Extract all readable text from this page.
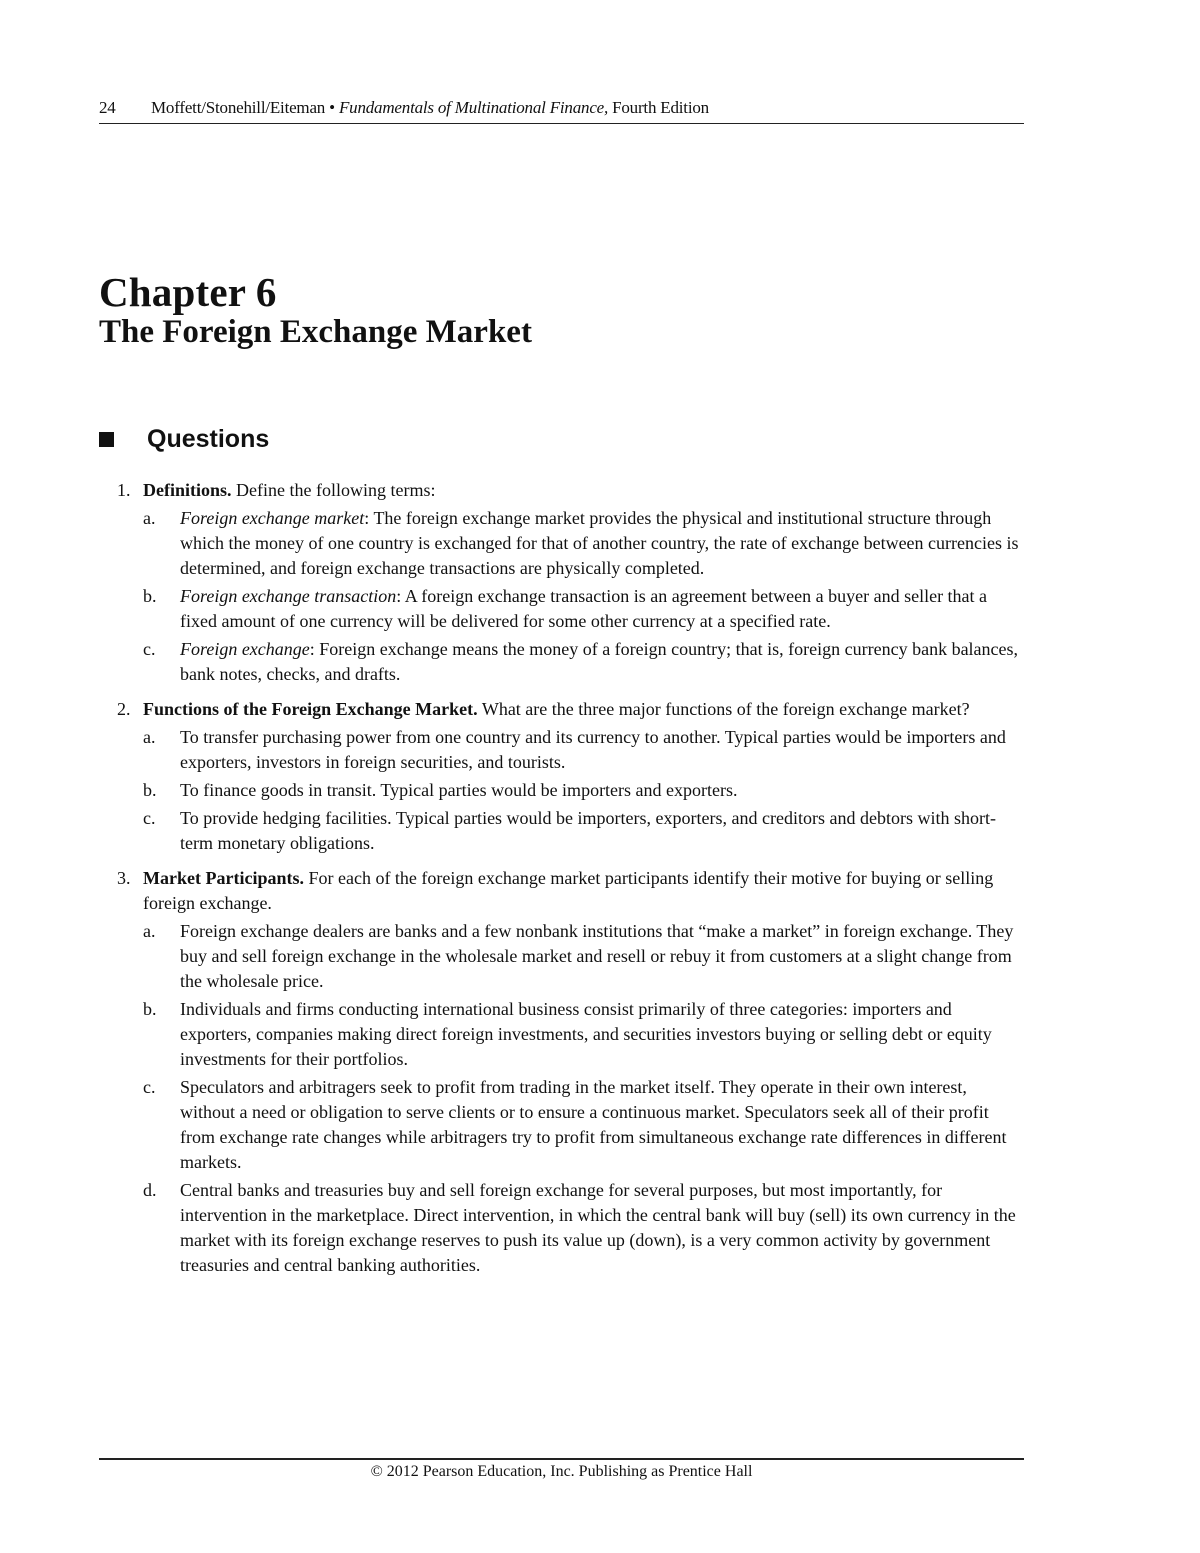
24 Moffett/Stonehill/Eiteman • Fundamentals of Multinational Finance, Fourth Edition
Chapter 6
The Foreign Exchange Market
Questions
1. Definitions. Define the following terms:
a.	Foreign exchange market: The foreign exchange market provides the physical and institutional structure through which the money of one country is exchanged for that of another country, the rate of exchange between currencies is determined, and foreign exchange transactions are physically completed.
b.	Foreign exchange transaction: A foreign exchange transaction is an agreement between a buyer and seller that a fixed amount of one currency will be delivered for some other currency at a specified rate.
c.	Foreign exchange: Foreign exchange means the money of a foreign country; that is, foreign currency bank balances, bank notes, checks, and drafts.
2. Functions of the Foreign Exchange Market. What are the three major functions of the foreign exchange market?
a.	To transfer purchasing power from one country and its currency to another. Typical parties would be importers and exporters, investors in foreign securities, and tourists.
b.	To finance goods in transit. Typical parties would be importers and exporters.
c.	To provide hedging facilities. Typical parties would be importers, exporters, and creditors and debtors with short-term monetary obligations.
3. Market Participants. For each of the foreign exchange market participants identify their motive for buying or selling foreign exchange.
a.	Foreign exchange dealers are banks and a few nonbank institutions that “make a market” in foreign exchange. They buy and sell foreign exchange in the wholesale market and resell or rebuy it from customers at a slight change from the wholesale price.
b.	Individuals and firms conducting international business consist primarily of three categories: importers and exporters, companies making direct foreign investments, and securities investors buying or selling debt or equity investments for their portfolios.
c.	Speculators and arbitragers seek to profit from trading in the market itself. They operate in their own interest, without a need or obligation to serve clients or to ensure a continuous market. Speculators seek all of their profit from exchange rate changes while arbitragers try to profit from simultaneous exchange rate differences in different markets.
d.	Central banks and treasuries buy and sell foreign exchange for several purposes, but most importantly, for intervention in the marketplace. Direct intervention, in which the central bank will buy (sell) its own currency in the market with its foreign exchange reserves to push its value up (down), is a very common activity by government treasuries and central banking authorities.
© 2012 Pearson Education, Inc. Publishing as Prentice Hall
